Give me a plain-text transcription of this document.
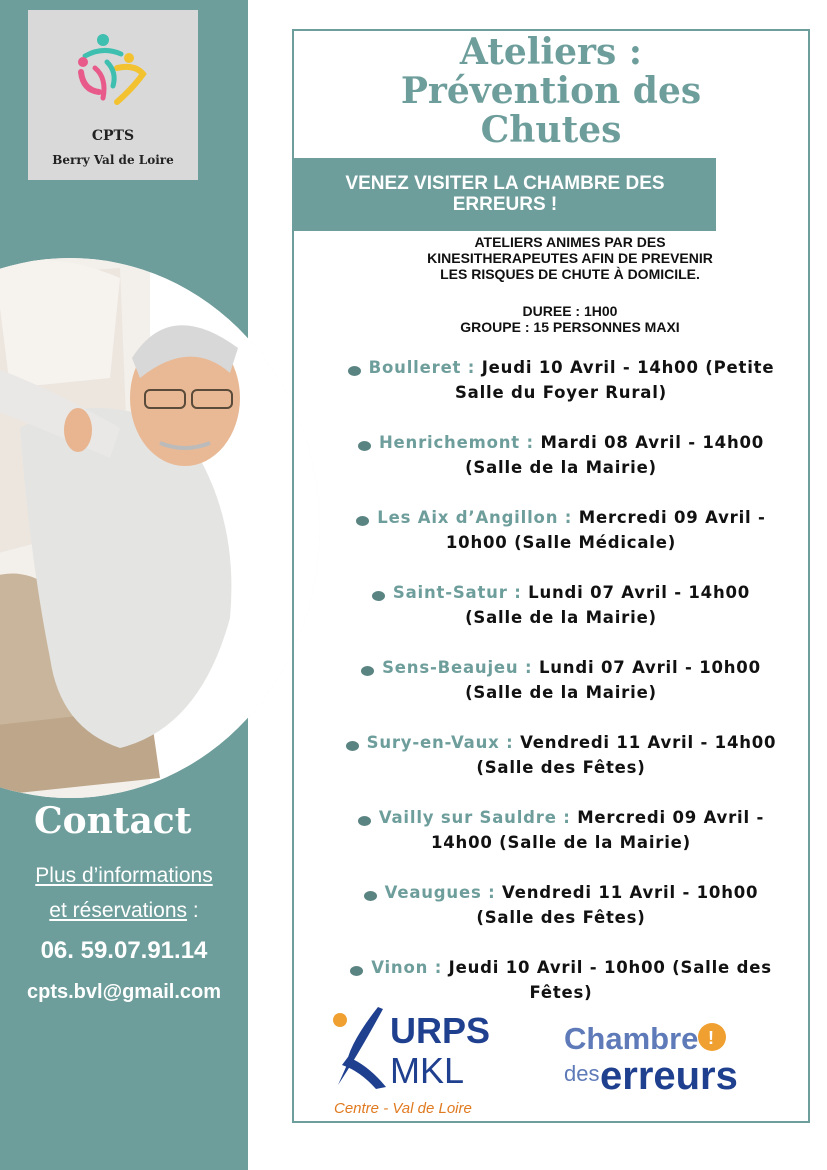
CPTS
Berry Val de Loire
Contact
Plus d’informations
et réservations :
06. 59.07.91.14
cpts.bvl@gmail.com
Ateliers :
Prévention des
Chutes
VENEZ VISITER LA CHAMBRE DES
ERREURS !
ATELIERS ANIMES PAR DES
KINESITHERAPEUTES AFIN DE PREVENIR
LES RISQUES DE CHUTE À DOMICILE.
DUREE : 1H00
GROUPE : 15 PERSONNES MAXI
Boulleret : Jeudi 10 Avril - 14h00 (Petite
Salle du Foyer Rural)
Henrichemont : Mardi 08 Avril - 14h00
(Salle de la Mairie)
Les Aix d’Angillon : Mercredi 09 Avril -
10h00 (Salle Médicale)
Saint-Satur : Lundi 07 Avril - 14h00
(Salle de la Mairie)
Sens-Beaujeu : Lundi 07 Avril - 10h00
(Salle de la Mairie)
Sury-en-Vaux : Vendredi 11 Avril - 14h00
(Salle des Fêtes)
Vailly sur Sauldre : Mercredi 09 Avril -
14h00 (Salle de la Mairie)
Veaugues : Vendredi 11 Avril - 10h00
(Salle des Fêtes)
Vinon : Jeudi 10 Avril - 10h00 (Salle des
Fêtes)
URPS
MKL
Centre - Val de Loire
Chambre !
des erreurs
